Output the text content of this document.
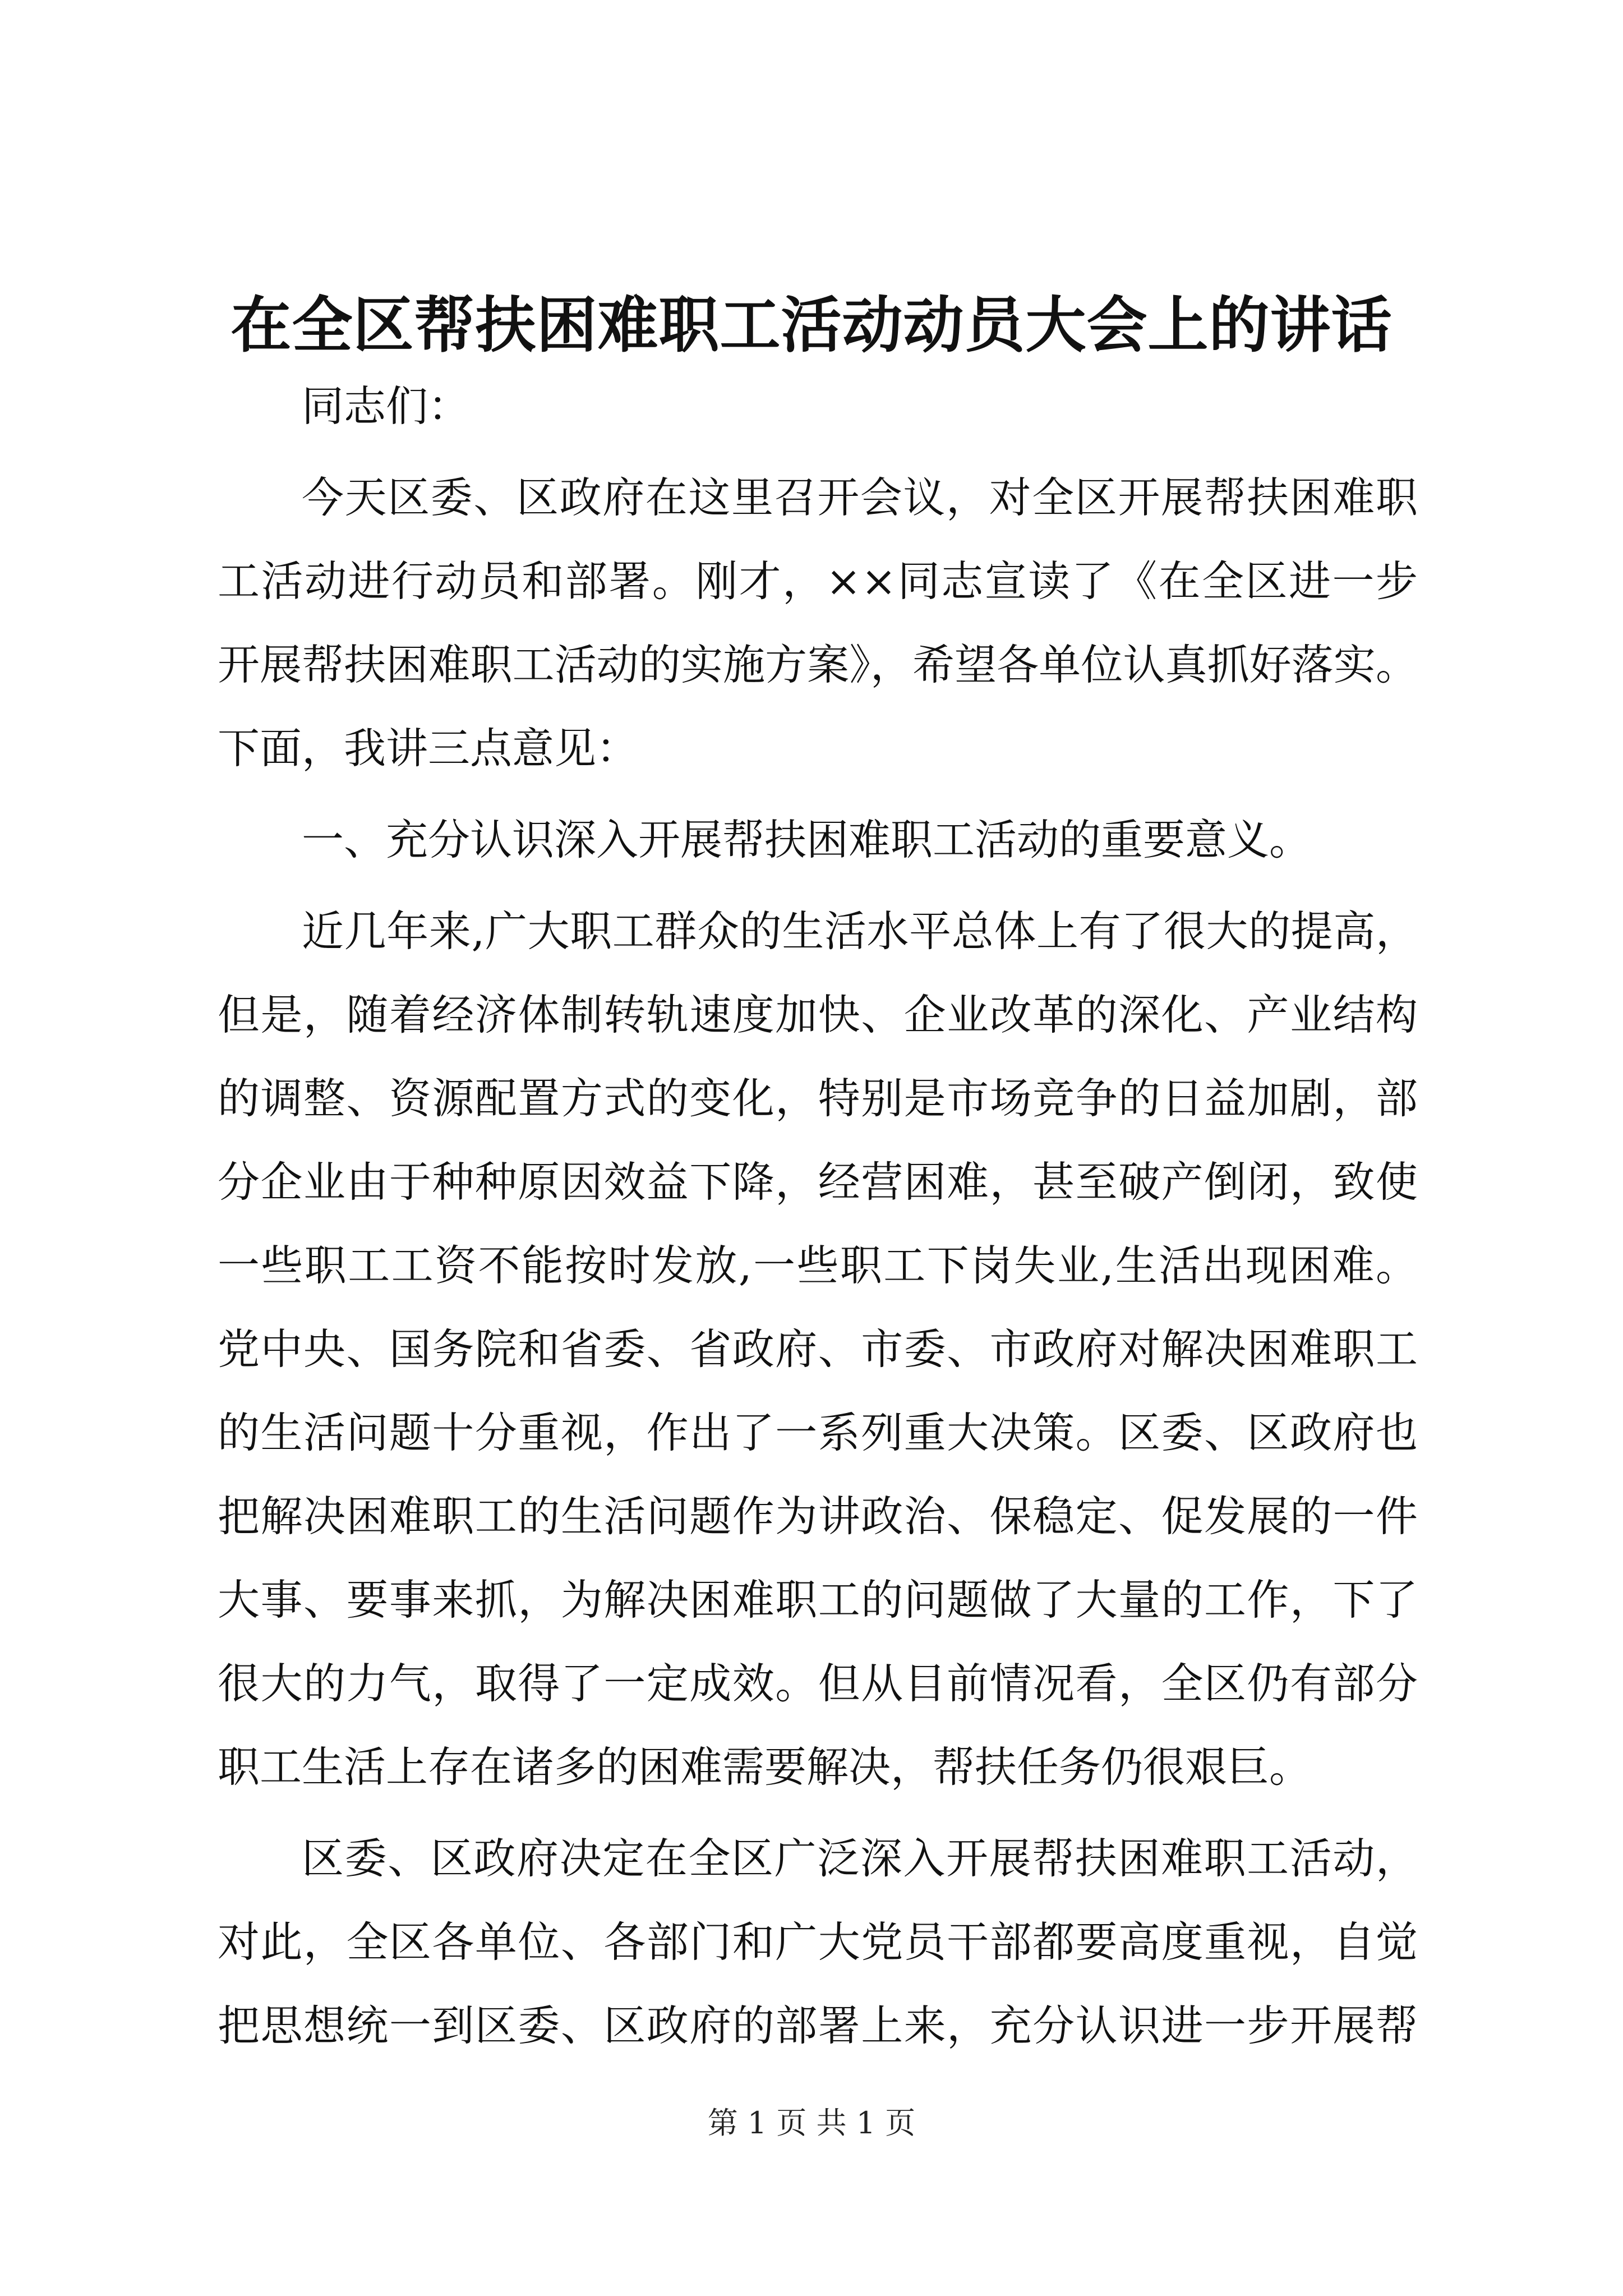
在全区帮扶困难职工活动动员大会上的讲话
同志们：
今天区委、区政府在这里召开会议，对全区开展帮扶困难职
工活动进行动员和部署。刚才，××同志宣读了《在全区进一步
开展帮扶困难职工活动的实施方案》，希望各单位认真抓好落实。
下面，我讲三点意见：
一、充分认识深入开展帮扶困难职工活动的重要意义。
近几年来,广大职工群众的生活水平总体上有了很大的提高，
但是，随着经济体制转轨速度加快、企业改革的深化、产业结构
的调整、资源配置方式的变化，特别是市场竞争的日益加剧，部
分企业由于种种原因效益下降，经营困难，甚至破产倒闭，致使
一些职工工资不能按时发放,一些职工下岗失业,生活出现困难。
党中央、国务院和省委、省政府、市委、市政府对解决困难职工
的生活问题十分重视，作出了一系列重大决策。区委、区政府也
把解决困难职工的生活问题作为讲政治、保稳定、促发展的一件
大事、要事来抓，为解决困难职工的问题做了大量的工作，下了
很大的力气，取得了一定成效。但从目前情况看，全区仍有部分
职工生活上存在诸多的困难需要解决，帮扶任务仍很艰巨。
区委、区政府决定在全区广泛深入开展帮扶困难职工活动，
对此，全区各单位、各部门和广大党员干部都要高度重视，自觉
把思想统一到区委、区政府的部署上来，充分认识进一步开展帮
第 1 页 共 1 页
